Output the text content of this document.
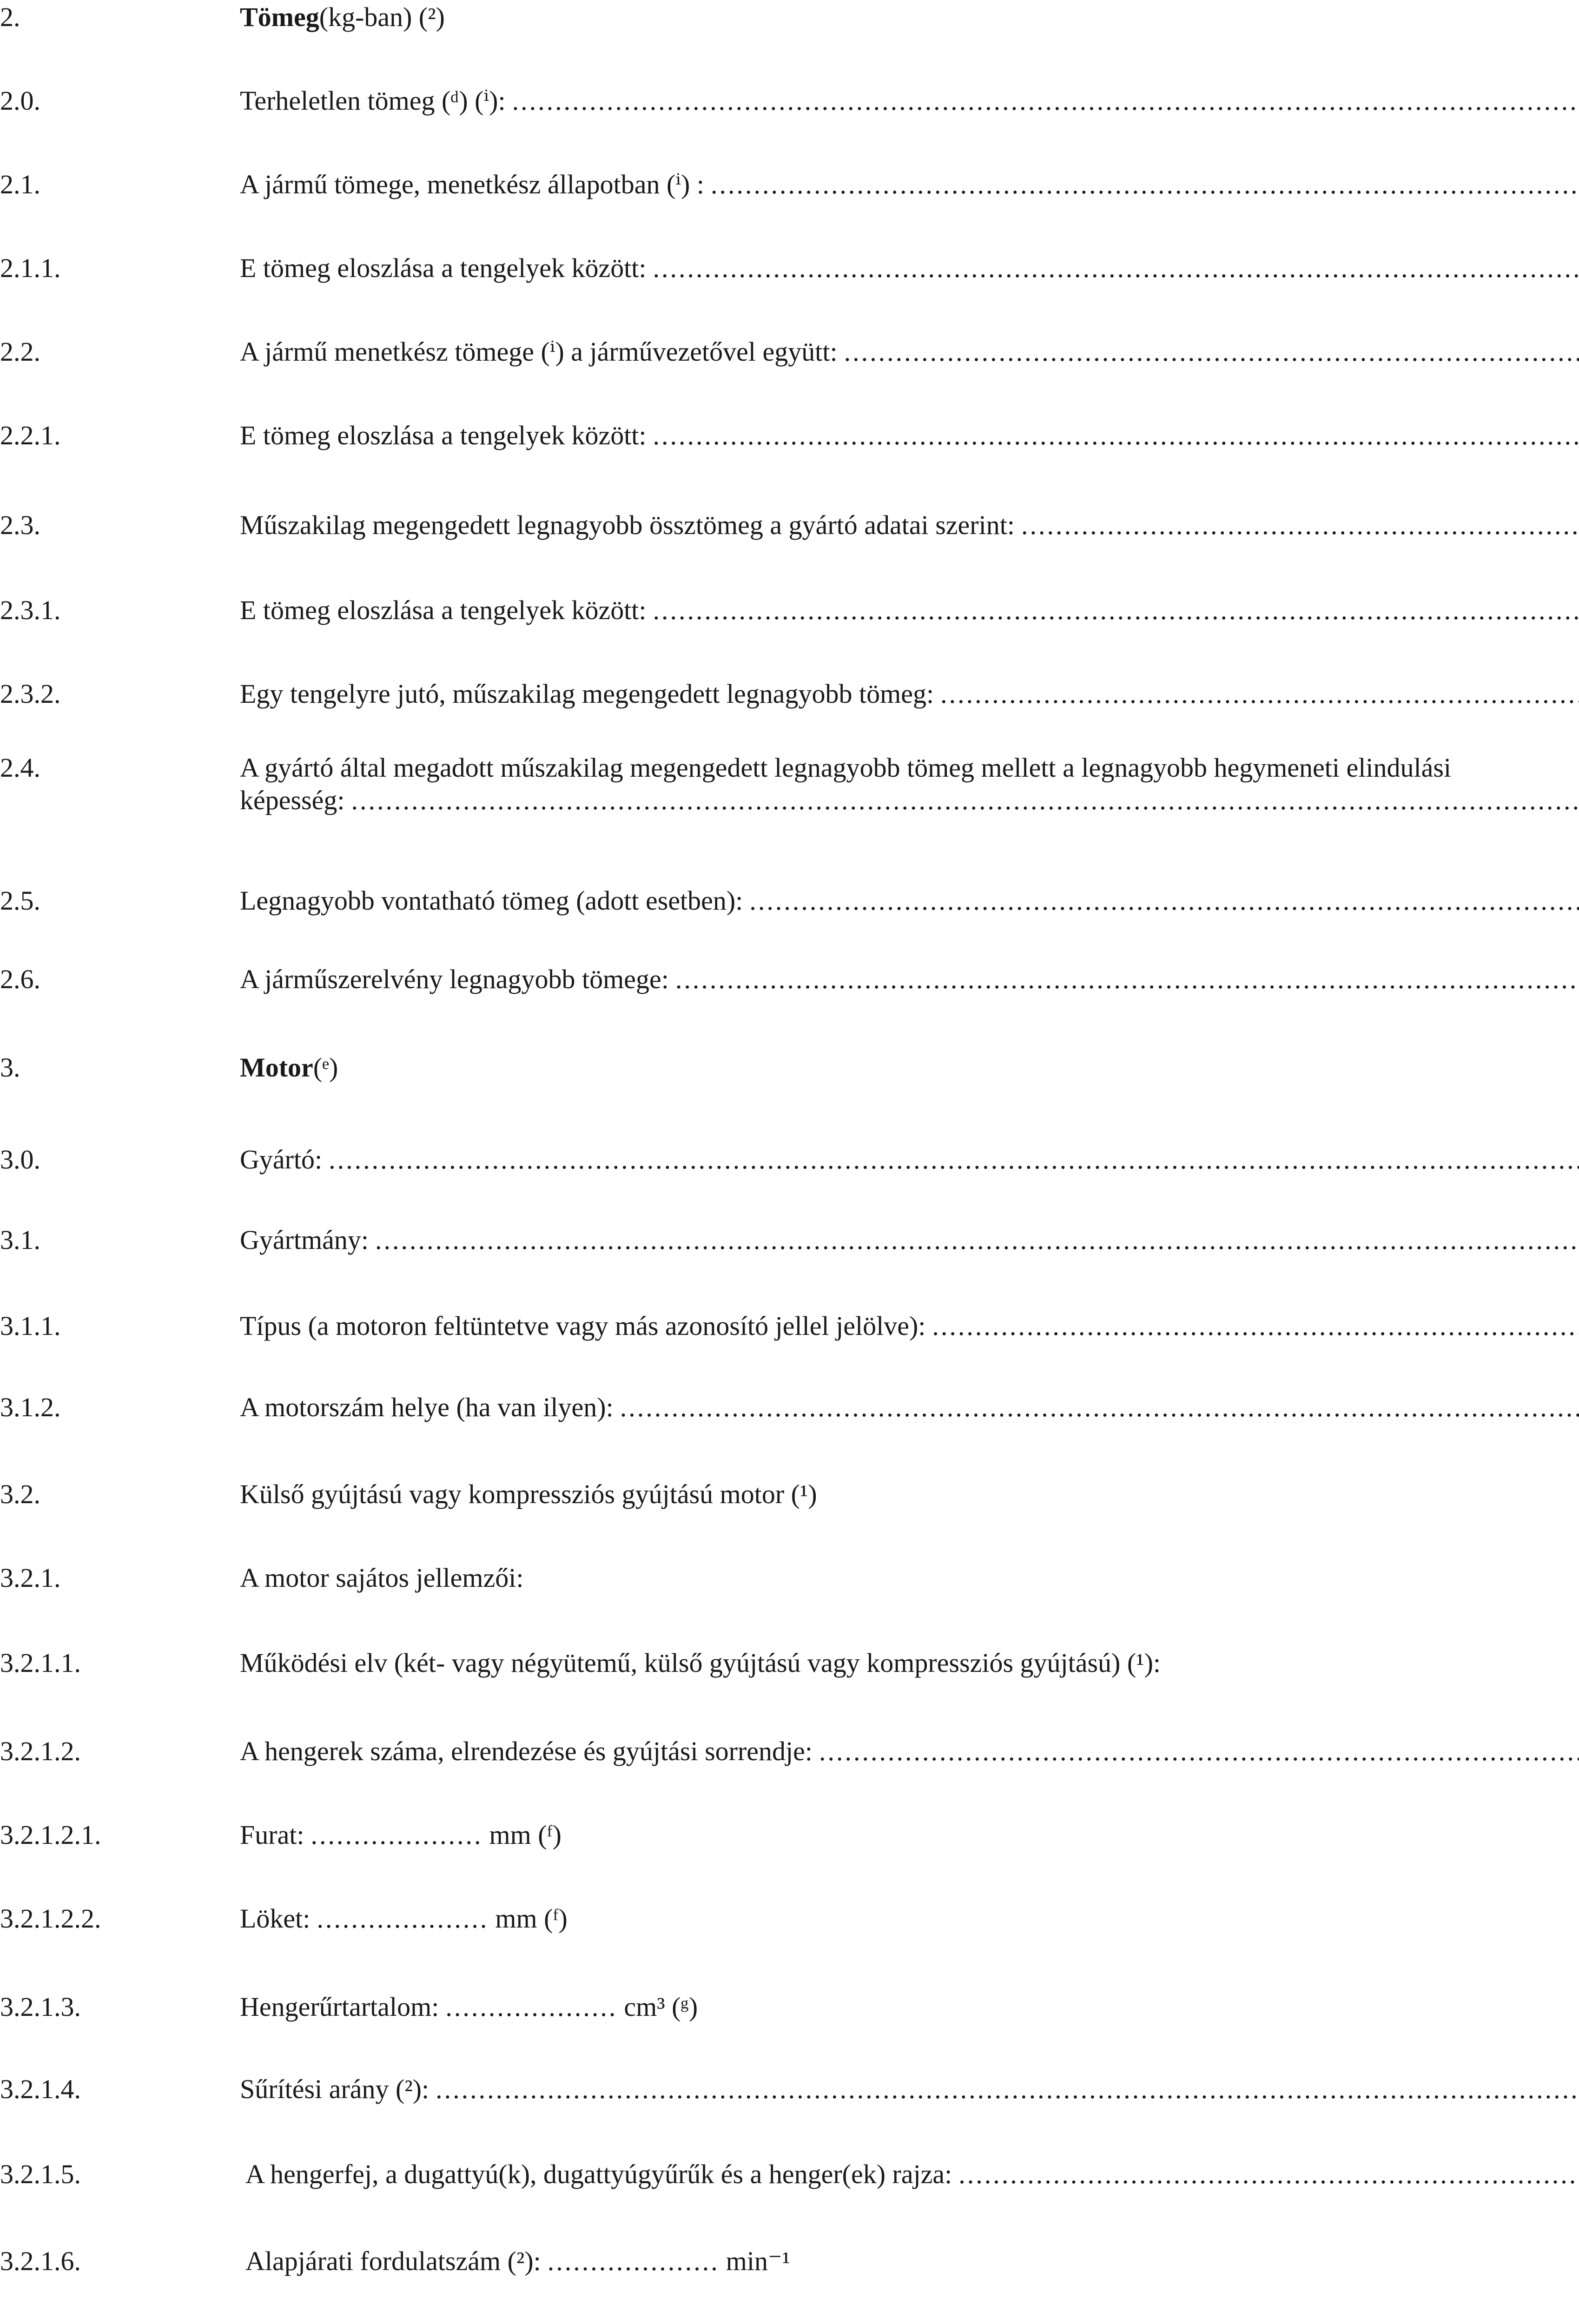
2.	Tömeg (kg-ban) (²)
2.0.	Terheletlen tömeg (ᵈ) (ⁱ):
.....
2.1.	A jármű tömege, menetkész állapotban (ⁱ) :
.....
2.1.1.	E tömeg eloszlása a tengelyek között:
.....
2.2.	A jármű menetkész tömege (ⁱ) a járművezetővel együtt:
.....
2.2.1.	E tömeg eloszlása a tengelyek között:
.....
2.3.	Műszakilag megengedett legnagyobb össztömeg a gyártó adatai szerint:
.....
2.3.1.	E tömeg eloszlása a tengelyek között:
.....
2.3.2.	Egy tengelyre jutó, műszakilag megengedett legnagyobb tömeg:
.....
2.4.	A gyártó által megadott műszakilag megengedett legnagyobb tömeg mellett a legnagyobb hegymeneti elindulási
képesség:
.....
2.5.	Legnagyobb vontatható tömeg (adott esetben):
.....
2.6.	A járműszerelvény legnagyobb tömege:
.....
3.	Motor (ᵉ)
3.0.	Gyártó:
.....
3.1.	Gyártmány:
.....
3.1.1.	Típus (a motoron feltüntetve vagy más azonosító jellel jelölve):
.....
3.1.2.	A motorszám helye (ha van ilyen):
.....
3.2.	Külső gyújtású vagy kompressziós gyújtású motor (¹)
3.2.1.	A motor sajátos jellemzői:
3.2.1.1.	Működési elv (két- vagy négyütemű, külső gyújtású vagy kompressziós gyújtású) (¹):
3.2.1.2.	A hengerek száma, elrendezése és gyújtási sorrendje:
.....
3.2.1.2.1.	Furat: .................... mm (ᶠ)
3.2.1.2.2.	Löket: .................... mm (ᶠ)
3.2.1.3.	Hengerűrtartalom: .................... cm³ (ᵍ)
3.2.1.4.	Sűrítési arány (²):
.....
3.2.1.5.	A hengerfej, a dugattyú(k), dugattyúgyűrűk és a henger(ek) rajza:
.....
3.2.1.6.	Alapjárati fordulatszám (²): .................... min⁻¹
